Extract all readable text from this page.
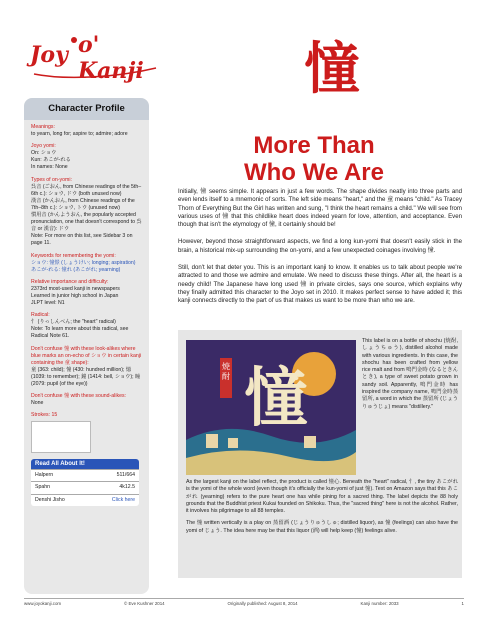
Joy o' Kanji	憧
Character Profile

Meanings:
to yearn, long for; aspire to; admire; adore

Joyo yomi:
On: ショウ
Kun: あこが-れる
In names: None

Types of on-yomi:
呉音 (ごおん, from Chinese readings of the 5th–6th c.): ショウ, ドウ (both unused now)
漢音 (かんおん, from Chinese readings of the 7th–8th c.): ショウ, トウ (unused now)
慣用音 (かんようおん, the popularly accepted pronunciation, one that doesn't correspond to 呉音 or 漢音): ドウ
Note: For more on this list, see Sidebar 3 on page 11.

Keywords for remembering the yomi:
ショウ: 憧憬 (しょうけい; longing; aspiration)
あこが-れる: 憧れ (あこがれ; yearning)

Relative importance and difficulty:
2373rd most-used kanji in newspapers
Learned in junior high school in Japan
JLPT level: N1

Radical:
忄 (りっしんべん; the "heart" radical)
Note: To learn more about this radical, see Radical Note 61.

Don't confuse 憧 with these look-alikes where blue marks an on-echo of ショウ in certain kanji containing the 童 shape):
童 (363: child); 憧 (430: hundred million); 憶 (1039: to remember); 鐘 (1414: bell, ショウ); 瞳 (2079: pupil (of the eye))

Don't confuse 憧 with these sound-alikes:
None

Strokes: 15
Read All About It!
Halpern	511/664
Spahn	4k12.5
Denshi Jisho	Click here
More Than
Who We Are

Initially, 憧 seems simple. It appears in just a few words. The shape divides neatly into three parts and even lends itself to a mnemonic of sorts. The left side means "heart," and the 童 means "child." As Tracey Thorn of Everything But the Girl has written and sung, "I think the heart remains a child." We will see from various uses of 憧 that this childlike heart does indeed yearn for love, attention, and acceptance. Even though that isn't the etymology of 憧, it certainly should be!

However, beyond those straightforward aspects, we find a long kun-yomi that doesn't easily stick in the brain, a historical mix-up surrounding the on-yomi, and a few unexpected coinages involving 憧.

Still, don't let that deter you. This is an important kanji to know. It enables us to talk about people we're attracted to and those we admire and emulate. We need to discuss these things. After all, the heart is a needy child! The Japanese have long used 憧 in private circles, says one source, which explains why they finally admitted this character to the Joyo set in 2010. It makes perfect sense to have added it; this kanji connects directly to the part of us that makes us want to be more than who we are.

憧
焼酎

This label is on a bottle of shochu (焼酎, しょうちゅう), distilled alcohol made with various ingredients. In this case, the shochu has been crafted from yellow rice malt and from 鳴門金時 (なるときんとき), a type of sweet potato grown in sandy soil. Apparently, 鳴門金時 has inspired the company name, 鳴門金時蒸留所, a word in which the 蒸留所 (じょうりゅうじょ) means "distillery."

As the largest kanji on the label reflect, the product is called 憧心. Beneath the "heart" radical, 忄, the tiny あこがれ is the yomi of the whole word (even though it's officially the kun-yomi of just 憧). Text on Amazon says that this あこがれ (yearning) refers to the pure heart one has while pining for a sacred thing. The label depicts the 88 holy grounds that the Buddhist priest Kukai founded on Shikoku. Thus, the "sacred thing" here is not the alcohol. Rather, it involves his pilgrimage to all 88 temples.

The 憧 written vertically is a play on 蒸留酒 (じょうりゅうしゅ; distilled liquor), as 憧 (feelings) can also have the yomi of じょう. The idea here may be that this liquor (酒) will help keep (憧) feelings alive.

www.joyokanji.com	© Eve Kushner 2014	Originally published: August 8, 2014	Kanji number: 2033	1
